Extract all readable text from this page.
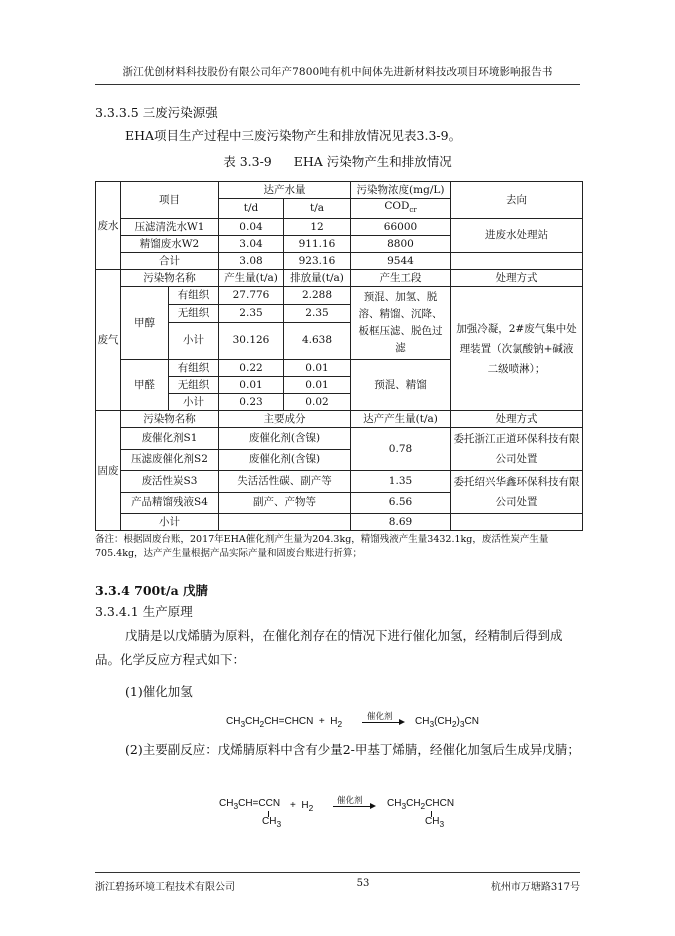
浙江优创材料科技股份有限公司年产7800吨有机中间体先进新材料技改项目环境影响报告书
3.3.3.5 三废污染源强
EHA项目生产过程中三废污染物产生和排放情况见表3.3-9。
表 3.3-9 EHA 污染物产生和排放情况
废水	项目		达产水量		污染物浓度(mg/L)	去向
			t/d	t/a	$COD_{cr}$
	压滤清洗水W1		0.04	12	66000	进废水处理站
	精馏废水W2		3.04	911.16	8800	
	合计		3.08	923.16	9544	
废气	污染物名称		产生量(t/a)	排放量(t/a)	产生工段	处理方式
	甲醇	有组织	27.776	2.288	预混、加氢、脱溶、精馏、沉降、板框压滤、脱色过滤	加强冷凝，2#废气集中处理装置（次氯酸钠+碱液二级喷淋）；
		无组织	2.35	2.35		
		小计	30.126	4.638		
	甲醛	有组织	0.22	0.01	预混、精馏	
		无组织	0.01	0.01		
		小计	0.23	0.02		
固废	污染物名称		主要成分		达产产生量(t/a)	处理方式
	废催化剂S1		废催化剂(含镍)		0.78	委托浙江正道环保科技有限公司处置
	压滤废催化剂S2		废催化剂(含镍)			
	废活性炭S3		失活活性碳、副产等		1.35	委托绍兴华鑫环保科技有限公司处置
	产品精馏残液S4		副产、产物等		6.56	
	小计				8.69	
备注：根据固废台账，2017年EHA催化剂产生量为204.3kg，精馏残液产生量3432.1kg，废活性炭产生量705.4kg，达产产生量根据产品实际产量和固废台账进行折算；
3.3.4 700t/a 戊腈
3.3.4.1 生产原理
戊腈是以戊烯腈为原料，在催化剂存在的情况下进行催化加氢，经精制后得到成品。化学反应方程式如下：
(1)催化加氢
$CH_3CH_2CH=CHCN + H_2$
催化剂 $CH_3(CH_2)_3CN$
(2)主要副反应：戊烯腈原料中含有少量2-甲基丁烯腈，经催化加氢后生成异戊腈；
$CH_3CH=CCN$
$CH_3$
+  $H_2$
催化剂 $CH_3CH_2CHCN$
$CH_3$
浙江碧扬环境工程技术有限公司	53	杭州市万塘路317号
